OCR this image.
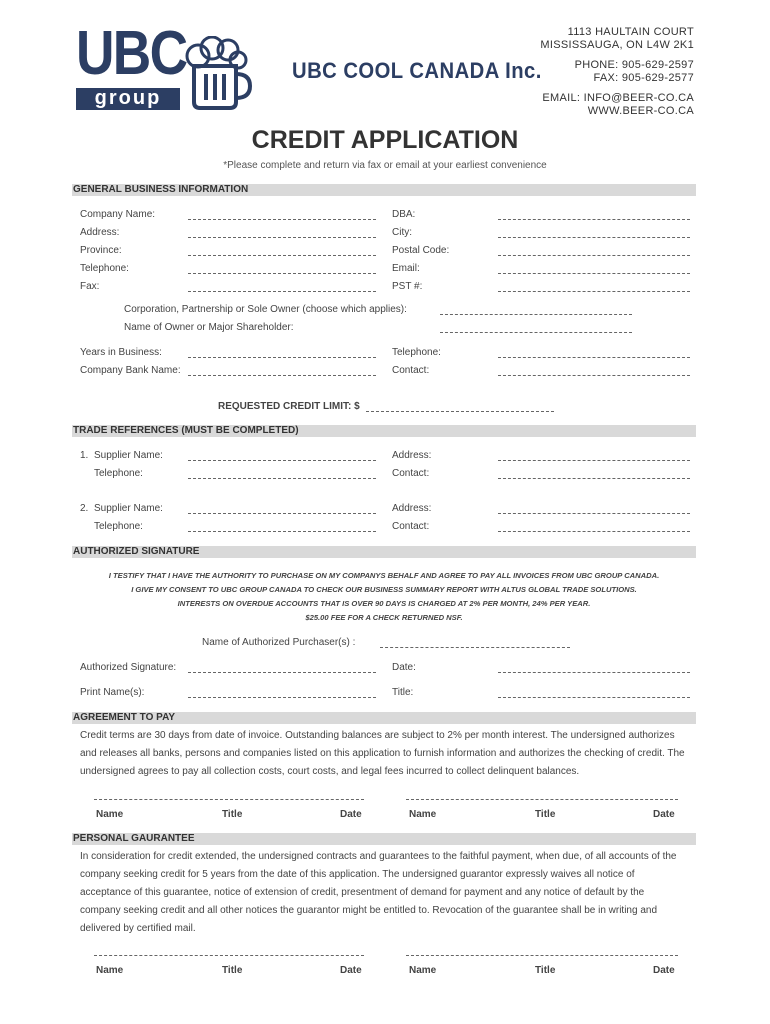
UBC
group
UBC COOL CANADA Inc.
1113 HAULTAIN COURT
MISSISSAUGA, ON L4W 2K1
PHONE: 905-629-2597
FAX: 905-629-2577
EMAIL: INFO@BEER-CO.CA
WWW.BEER-CO.CA
CREDIT APPLICATION
*Please complete and return via fax or email at your earliest convenience
GENERAL BUSINESS INFORMATION
Company Name:	DBA:
Address:	City:
Province:	Postal Code:
Telephone:	Email:
Fax:	PST #:
Corporation, Partnership or Sole Owner (choose which applies):
Name of Owner or Major Shareholder:
Years in Business:	Telephone:
Company Bank Name:	Contact:
REQUESTED CREDIT LIMIT: $
TRADE REFERENCES (MUST BE COMPLETED)
1. Supplier Name:	Address:
Telephone:	Contact:
2. Supplier Name:	Address:
Telephone:	Contact:
AUTHORIZED SIGNATURE
I TESTIFY THAT I HAVE THE AUTHORITY TO PURCHASE ON MY COMPANYS BEHALF AND AGREE TO PAY ALL INVOICES FROM UBC GROUP CANADA.
I GIVE MY CONSENT TO UBC GROUP CANADA TO CHECK OUR BUSINESS SUMMARY REPORT WITH ALTUS GLOBAL TRADE SOLUTIONS.
INTERESTS ON OVERDUE ACCOUNTS THAT IS OVER 90 DAYS IS CHARGED AT 2% PER MONTH, 24% PER YEAR.
$25.00 FEE FOR A CHECK RETURNED NSF.
Name of Authorized Purchaser(s) :
Authorized Signature:	Date:
Print Name(s):	Title:
AGREEMENT TO PAY
Credit terms are 30 days from date of invoice. Outstanding balances are subject to 2% per month interest. The undersigned authorizes
and releases all banks, persons and companies listed on this application to furnish information and authorizes the checking of credit. The
undersigned agrees to pay all collection costs, court costs, and legal fees incurred to collect delinquent balances.
Name	Title	Date	Name	Title	Date
PERSONAL GAURANTEE
In consideration for credit extended, the undersigned contracts and guarantees to the faithful payment, when due, of all accounts of the
company seeking credit for 5 years from the date of this application. The undersigned guarantor expressly waives all notice of
acceptance of this guarantee, notice of extension of credit, presentment of demand for payment and any notice of default by the
company seeking credit and all other notices the guarantor might be entitled to. Revocation of the guarantee shall be in writing and
delivered by certified mail.
Name	Title	Date	Name	Title	Date
